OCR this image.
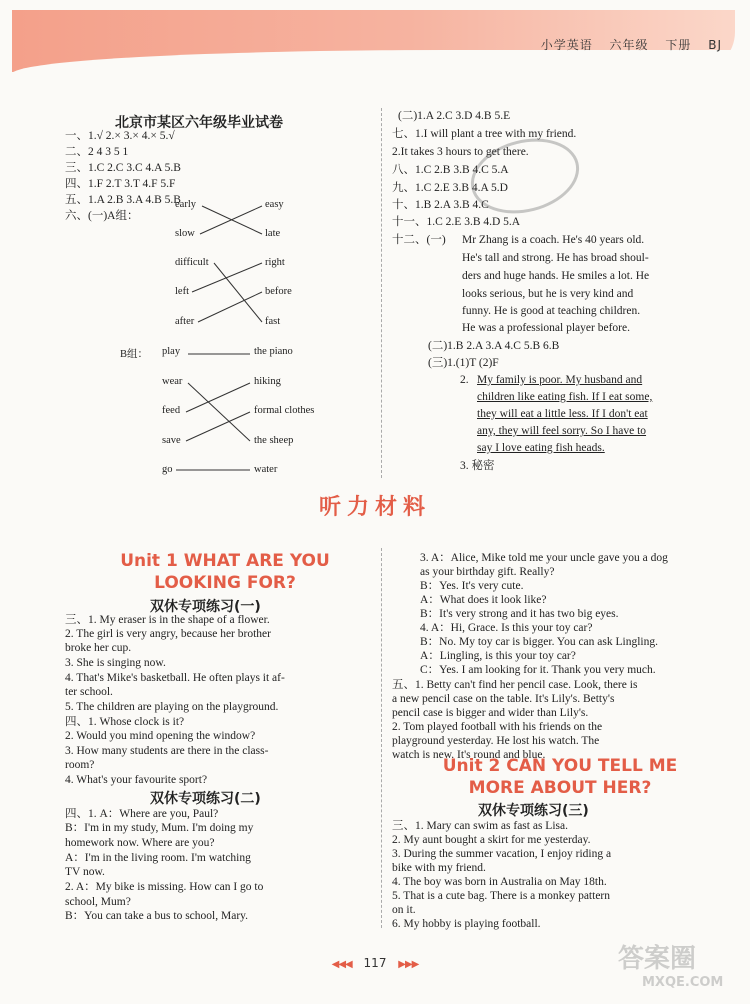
小学英语 六年级 下册 BJ
北京市某区六年级毕业试卷
一、1.√ 2.× 3.× 4.× 5.√
二、2 4 3 5 1
三、1.C 2.C 3.C 4.A 5.B
四、1.F 2.T 3.T 4.F 5.F
五、1.A 2.B 3.A 4.B 5.B
六、(一)A组：
early
slow
difficult
left
after
easy
late
right
before
fast
B组： play
wear
feed
save
go
the piano
hiking
formal clothes
the sheep
water
(二)1.A 2.C 3.D 4.B 5.E
七、1.I will plant a tree with my friend.
2.It takes 3 hours to get there.
八、1.C 2.B 3.B 4.C 5.A
九、1.C 2.E 3.B 4.A 5.D
十、1.B 2.A 3.B 4.C
十一、1.C 2.E 3.B 4.D 5.A
十二、(一) Mr Zhang is a coach. He's 40 years old.
He's tall and strong. He has broad shoul-
ders and huge hands. He smiles a lot. He
looks serious, but he is very kind and
funny. He is good at teaching children.
He was a professional player before.
(二)1.B 2.A 3.A 4.C 5.B 6.B
(三)1.(1)T (2)F
2. My family is poor. My husband and
children like eating fish. If I eat some,
they will eat a little less. If I don't eat
any, they will feel sorry. So I have to
say I love eating fish heads.
3. 秘密
听力材料
Unit 1 WHAT ARE YOU
LOOKING FOR?
双休专项练习(一)
三、1. My eraser is in the shape of a flower.
2. The girl is very angry, because her brother
broke her cup.
3. She is singing now.
4. That's Mike's basketball. He often plays it af-
ter school.
5. The children are playing on the playground.
四、1. Whose clock is it?
2. Would you mind opening the window?
3. How many students are there in the class-
room?
4. What's your favourite sport?
双休专项练习(二)
四、1. A：Where are you, Paul?
B：I'm in my study, Mum. I'm doing my
homework now. Where are you?
A：I'm in the living room. I'm watching
TV now.
2. A：My bike is missing. How can I go to
school, Mum?
B：You can take a bus to school, Mary.
3. A：Alice, Mike told me your uncle gave you a dog
as your birthday gift. Really?
B：Yes. It's very cute.
A：What does it look like?
B：It's very strong and it has two big eyes.
4. A：Hi, Grace. Is this your toy car?
B：No. My toy car is bigger. You can ask Lingling.
A：Lingling, is this your toy car?
C：Yes. I am looking for it. Thank you very much.
五、1. Betty can't find her pencil case. Look, there is
a new pencil case on the table. It's Lily's. Betty's
pencil case is bigger and wider than Lily's.
2. Tom played football with his friends on the
playground yesterday. He lost his watch. The
watch is new. It's round and blue.
Unit 2 CAN YOU TELL ME
MORE ABOUT HER?
双休专项练习(三)
三、1. Mary can swim as fast as Lisa.
2. My aunt bought a skirt for me yesterday.
3. During the summer vacation, I enjoy riding a
bike with my friend.
4. The boy was born in Australia on May 18th.
5. That is a cute bag. There is a monkey pattern
on it.
6. My hobby is playing football.
◀◀◀ 117 ▶▶▶	答案圈
MXQE.COM
